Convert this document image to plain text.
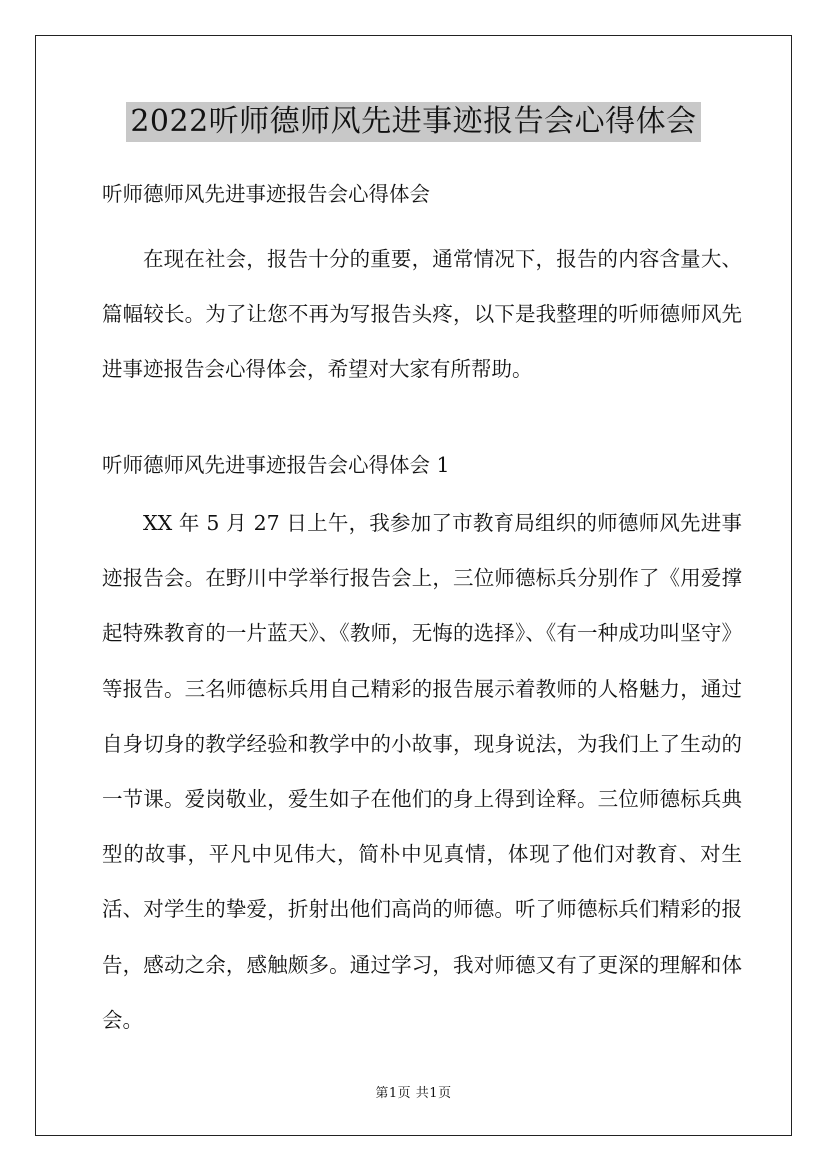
2022听师德师风先进事迹报告会心得体会
听师德师风先进事迹报告会心得体会

在现在社会，报告十分的重要，通常情况下，报告的内容含量大、篇幅较长。为了让您不再为写报告头疼，以下是我整理的听师德师风先进事迹报告会心得体会，希望对大家有所帮助。

听师德师风先进事迹报告会心得体会 1

XX 年 5 月 27 日上午，我参加了市教育局组织的师德师风先进事迹报告会。在野川中学举行报告会上，三位师德标兵分别作了《用爱撑起特殊教育的一片蓝天》、《教师，无悔的选择》、《有一种成功叫坚守》等报告。三名师德标兵用自己精彩的报告展示着教师的人格魅力，通过自身切身的教学经验和教学中的小故事，现身说法，为我们上了生动的一节课。爱岗敬业，爱生如子在他们的身上得到诠释。三位师德标兵典型的故事，平凡中见伟大，简朴中见真情，体现了他们对教育、对生活、对学生的挚爱，折射出他们高尚的师德。听了师德标兵们精彩的报告，感动之余，感触颇多。通过学习，我对师德又有了更深的理解和体会。

第1页 共1页
